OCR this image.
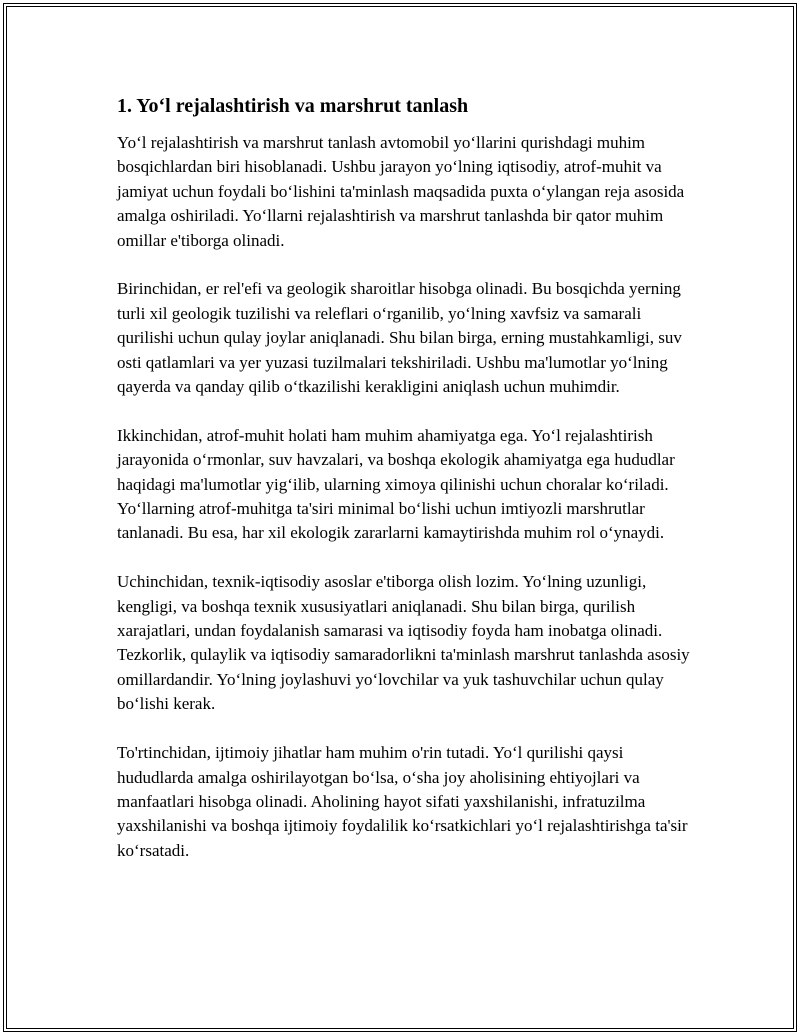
1. Yo‘l rejalashtirish va marshrut tanlash

Yo‘l rejalashtirish va marshrut tanlash avtomobil yo‘llarini qurishdagi muhim bosqichlardan biri hisoblanadi. Ushbu jarayon yo‘lning iqtisodiy, atrof-muhit va jamiyat uchun foydali bo‘lishini ta'minlash maqsadida puxta o‘ylangan reja asosida amalga oshiriladi. Yo‘llarni rejalashtirish va marshrut tanlashda bir qator muhim omillar e'tiborga olinadi.

Birinchidan, er rel'efi va geologik sharoitlar hisobga olinadi. Bu bosqichda yerning turli xil geologik tuzilishi va releflari o‘rganilib, yo‘lning xavfsiz va samarali qurilishi uchun qulay joylar aniqlanadi. Shu bilan birga, erning mustahkamligi, suv osti qatlamlari va yer yuzasi tuzilmalari tekshiriladi. Ushbu ma'lumotlar yo‘lning qayerda va qanday qilib o‘tkazilishi kerakligini aniqlash uchun muhimdir.

Ikkinchidan, atrof-muhit holati ham muhim ahamiyatga ega. Yo‘l rejalashtirish jarayonida o‘rmonlar, suv havzalari, va boshqa ekologik ahamiyatga ega hududlar haqidagi ma'lumotlar yig‘ilib, ularning ximoya qilinishi uchun choralar ko‘riladi. Yo‘llarning atrof-muhitga ta'siri minimal bo‘lishi uchun imtiyozli marshrutlar tanlanadi. Bu esa, har xil ekologik zararlarni kamaytirishda muhim rol o‘ynaydi.

Uchinchidan, texnik-iqtisodiy asoslar e'tiborga olish lozim. Yo‘lning uzunligi, kengligi, va boshqa texnik xususiyatlari aniqlanadi. Shu bilan birga, qurilish xarajatlari, undan foydalanish samarasi va iqtisodiy foyda ham inobatga olinadi. Tezkorlik, qulaylik va iqtisodiy samaradorlikni ta'minlash marshrut tanlashda asosiy omillardandir. Yo‘lning joylashuvi yo‘lovchilar va yuk tashuvchilar uchun qulay bo‘lishi kerak.

To'rtinchidan, ijtimoiy jihatlar ham muhim o'rin tutadi. Yo‘l qurilishi qaysi hududlarda amalga oshirilayotgan bo‘lsa, o‘sha joy aholisining ehtiyojlari va manfaatlari hisobga olinadi. Aholining hayot sifati yaxshilanishi, infratuzilma yaxshilanishi va boshqa ijtimoiy foydalilik ko‘rsatkichlari yo‘l rejalashtirishga ta'sir ko‘rsatadi.
